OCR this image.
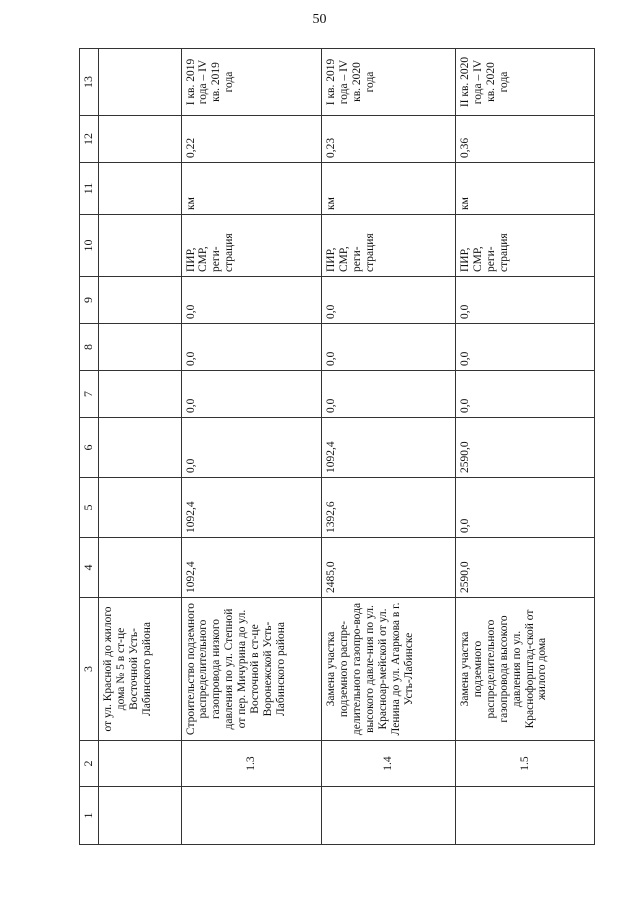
50
1	2	3	4	5	6	7	8	9	10	11	12	13
		от ул. Красной до жилого дома № 5 в ст-це Восточной Усть-Лабинского района										
	1.3	Строительство подземного распределительного газопровода низкого давления по ул. Степной от пер. Мичурина до ул. Восточной в ст-це Воронежской Усть-Лабинского района	1092,4	1092,4	0,0	0,0	0,0	0,0	ПИР, СМР, реги-страция	км	0,22	I кв. 2019 года – IV кв. 2019 года
	1.4	Замена участка подземного распре-делительного газопро-вода высокого давле-ния по ул. Краснoар-мейской от ул. Ленина до ул. Агаркова в г. Усть-Лабинске	2485,0	1392,6	1092,4	0,0	0,0	0,0	ПИР, СМР, реги-страция	км	0,23	I кв. 2019 года – IV кв. 2020 года
	1.5	Замена участка подземного распределительного газопровода высокого давления по ул. Краснофорштад-ской от жилого дома	2590,0	0,0	2590,0	0,0	0,0	0,0	ПИР, СМР, реги-страция	км	0,36	II кв. 2020 года – IV кв. 2020 года
